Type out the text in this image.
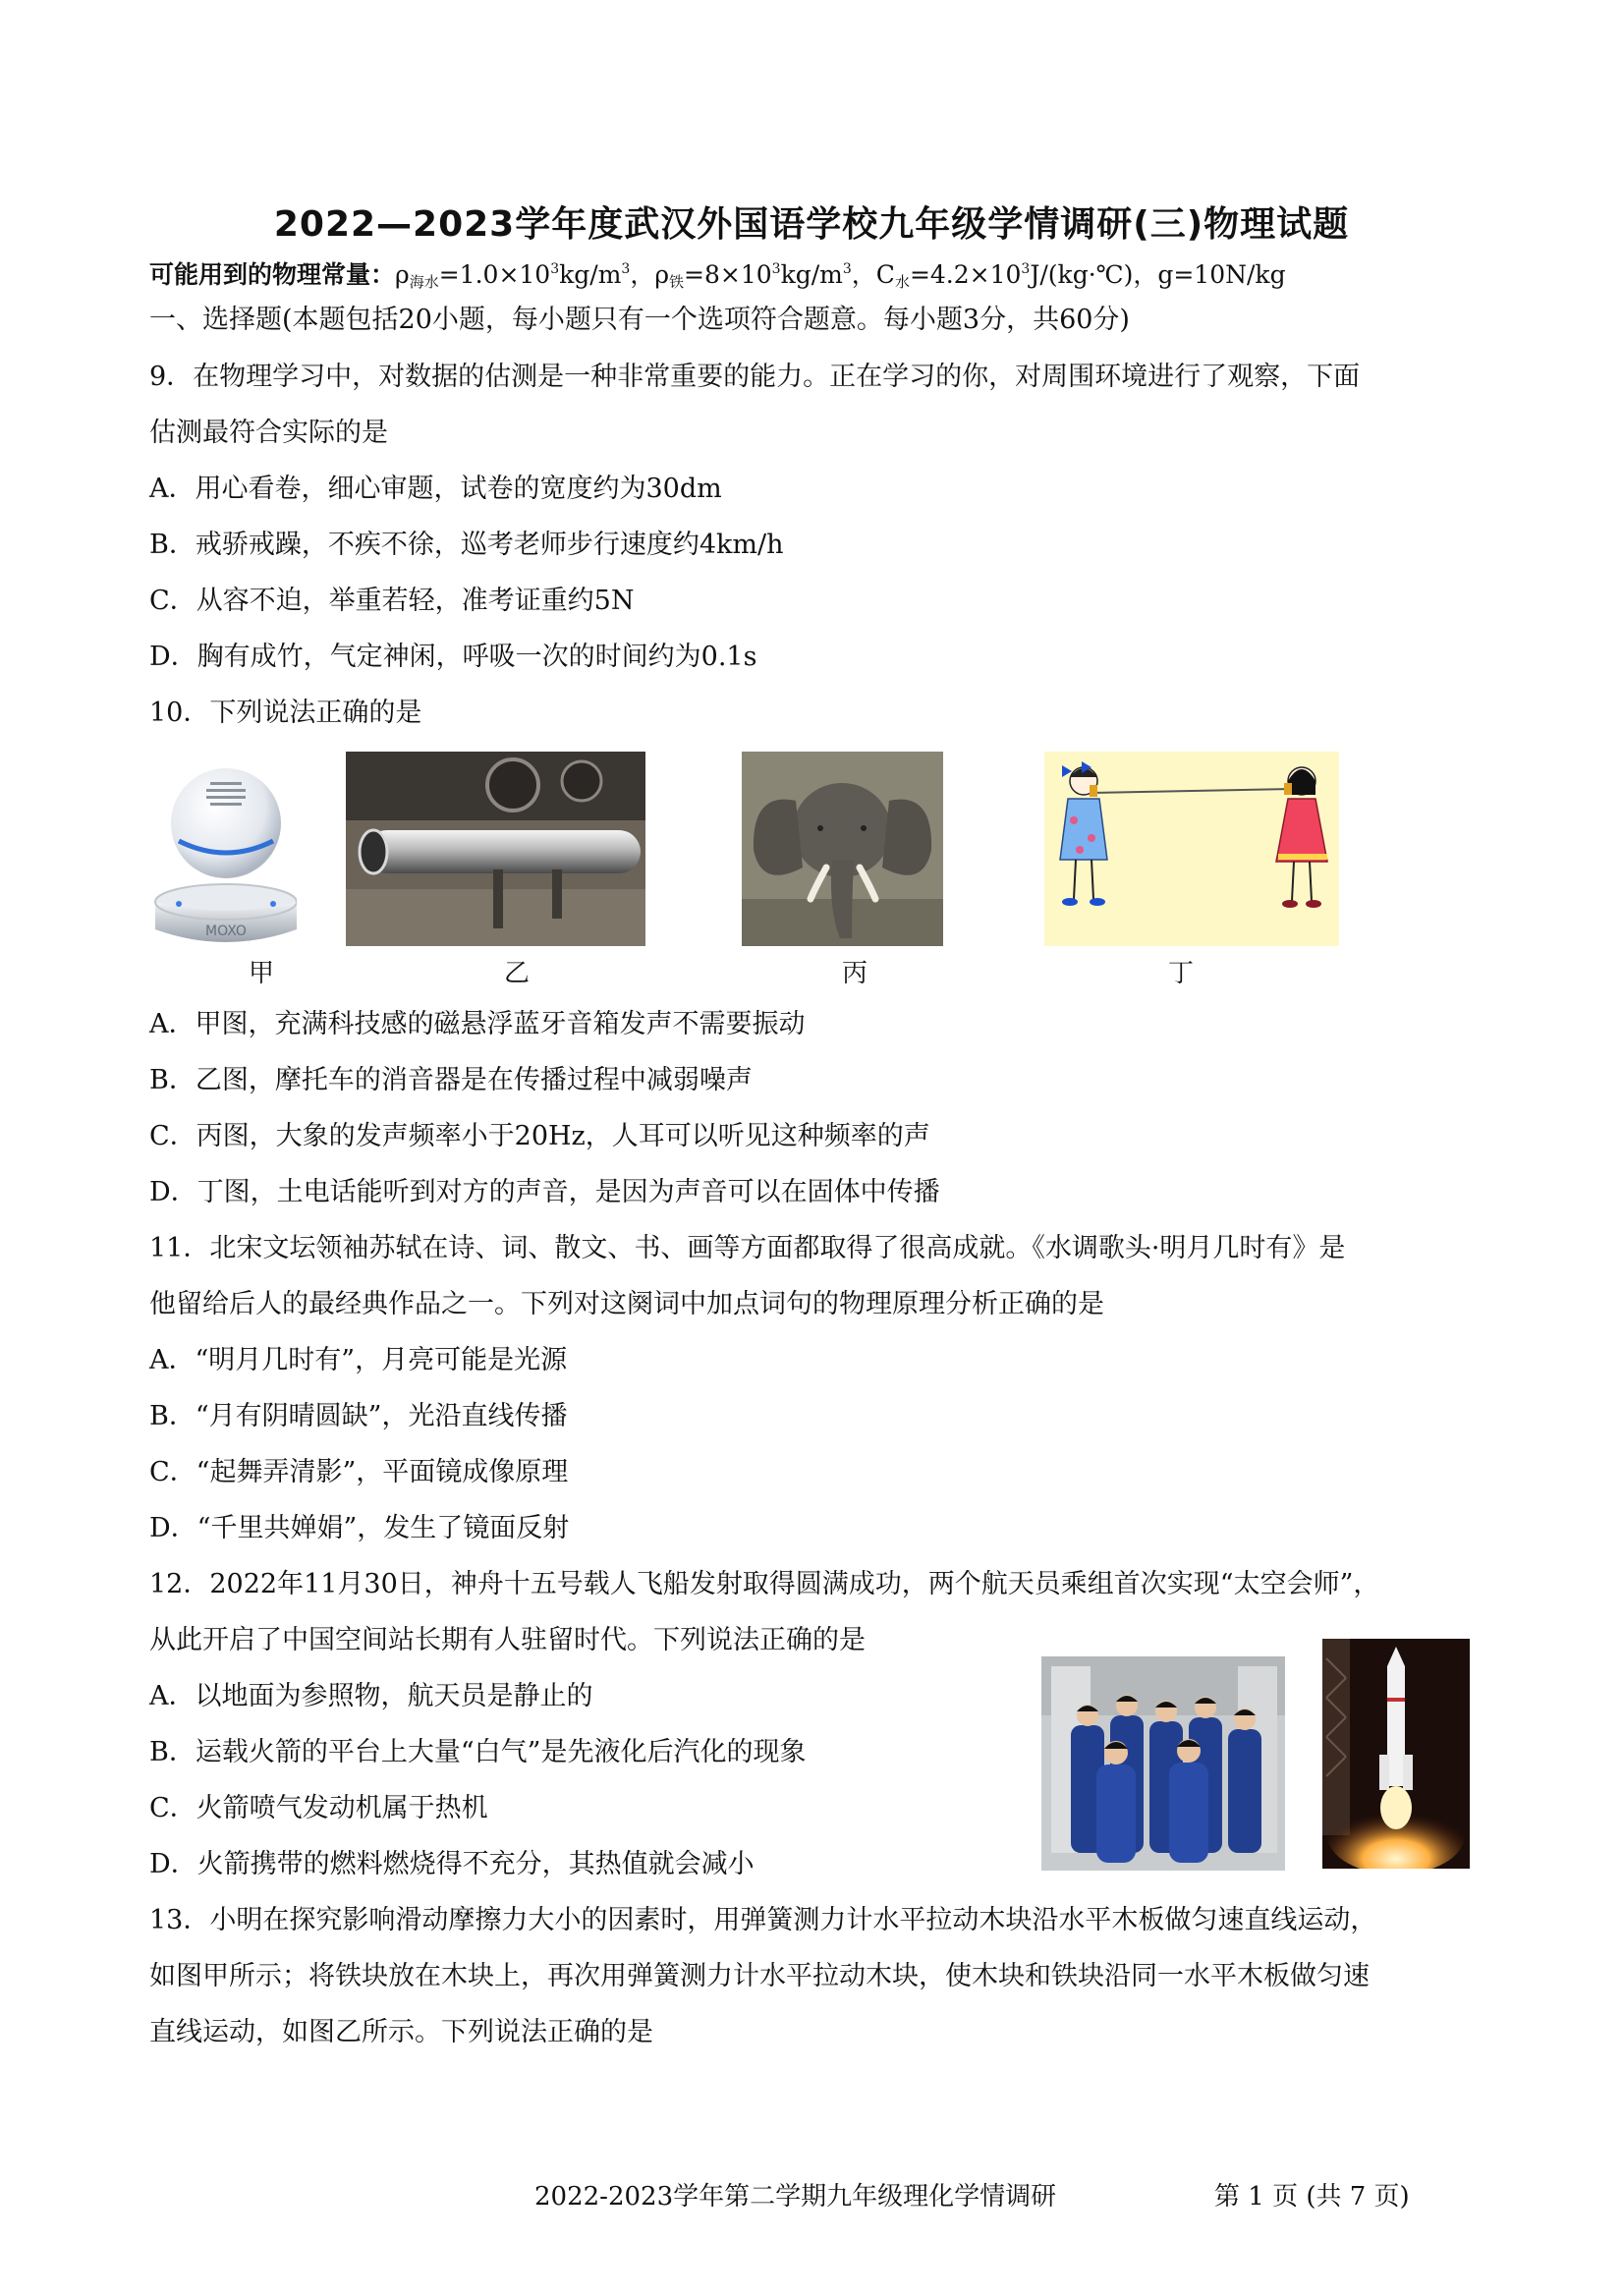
2022—2023学年度武汉外国语学校九年级学情调研(三)物理试题
可能用到的物理常量：$\rho_{海水}=1.0\times 10^3kg/m^3$，$\rho_铁=8\times 10^3kg/m^3$，$C_水=4.2\times 10^3J/(kg\cdot℃)$，g=10N/kg
一、选择题(本题包括20小题，每小题只有一个选项符合题意。每小题3分，共60分)
9．在物理学习中，对数据的估测是一种非常重要的能力。正在学习的你，对周围环境进行了观察，下面
估测最符合实际的是
A．用心看卷，细心审题，试卷的宽度约为30dm
B．戒骄戒躁，不疾不徐，巡考老师步行速度约4km/h
C．从容不迫，举重若轻，准考证重约5N
D．胸有成竹，气定神闲，呼吸一次的时间约为0.1s
10．下列说法正确的是
MOXO
甲	乙	丙	丁
A．甲图，充满科技感的磁悬浮蓝牙音箱发声不需要振动
B．乙图，摩托车的消音器是在传播过程中减弱噪声
C．丙图，大象的发声频率小于20Hz，人耳可以听见这种频率的声
D．丁图，土电话能听到对方的声音，是因为声音可以在固体中传播
11．北宋文坛领袖苏轼在诗、词、散文、书、画等方面都取得了很高成就。《水调歌头·明月几时有》是
他留给后人的最经典作品之一。下列对这阕词中加点词句的物理原理分析正确的是
A．“明月几时有”，月亮可能是光源
B．“月有阴晴圆缺”，光沿直线传播
C．“起舞弄清影”，平面镜成像原理
D．“千里共婵娟”，发生了镜面反射
12．2022年11月30日，神舟十五号载人飞船发射取得圆满成功，两个航天员乘组首次实现“太空会师”，
从此开启了中国空间站长期有人驻留时代。下列说法正确的是
A．以地面为参照物，航天员是静止的
B．运载火箭的平台上大量“白气”是先液化后汽化的现象
C．火箭喷气发动机属于热机
D．火箭携带的燃料燃烧得不充分，其热值就会减小
13．小明在探究影响滑动摩擦力大小的因素时，用弹簧测力计水平拉动木块沿水平木板做匀速直线运动，
如图甲所示；将铁块放在木块上，再次用弹簧测力计水平拉动木块，使木块和铁块沿同一水平木板做匀速
直线运动，如图乙所示。下列说法正确的是
2022-2023学年第二学期九年级理化学情调研	第 1 页 (共 7 页)
